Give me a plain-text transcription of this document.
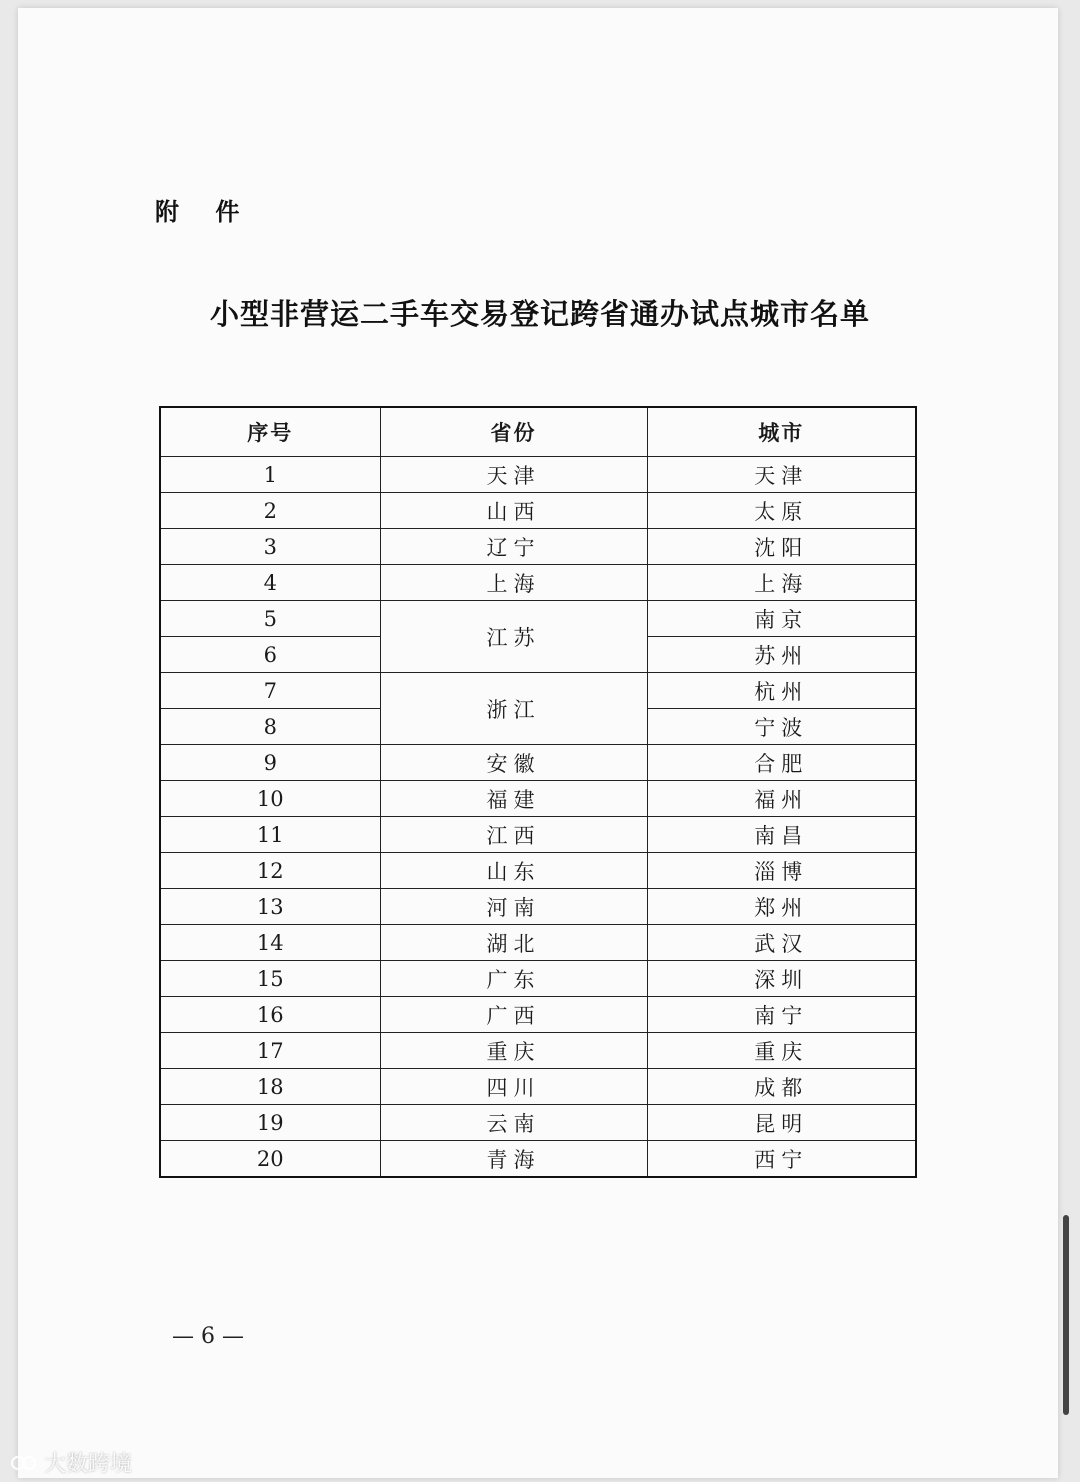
附 件
小型非营运二手车交易登记跨省通办试点城市名单
序号	省份	城市
1	天津	天津
2	山西	太原
3	辽宁	沈阳
4	上海	上海
5	江苏	南京
6		苏州
7	浙江	杭州
8		宁波
9	安徽	合肥
10	福建	福州
11	江西	南昌
12	山东	淄博
13	河南	郑州
14	湖北	武汉
15	广东	深圳
16	广西	南宁
17	重庆	重庆
18	四川	成都
19	云南	昆明
20	青海	西宁
— 6 —
大数跨境
